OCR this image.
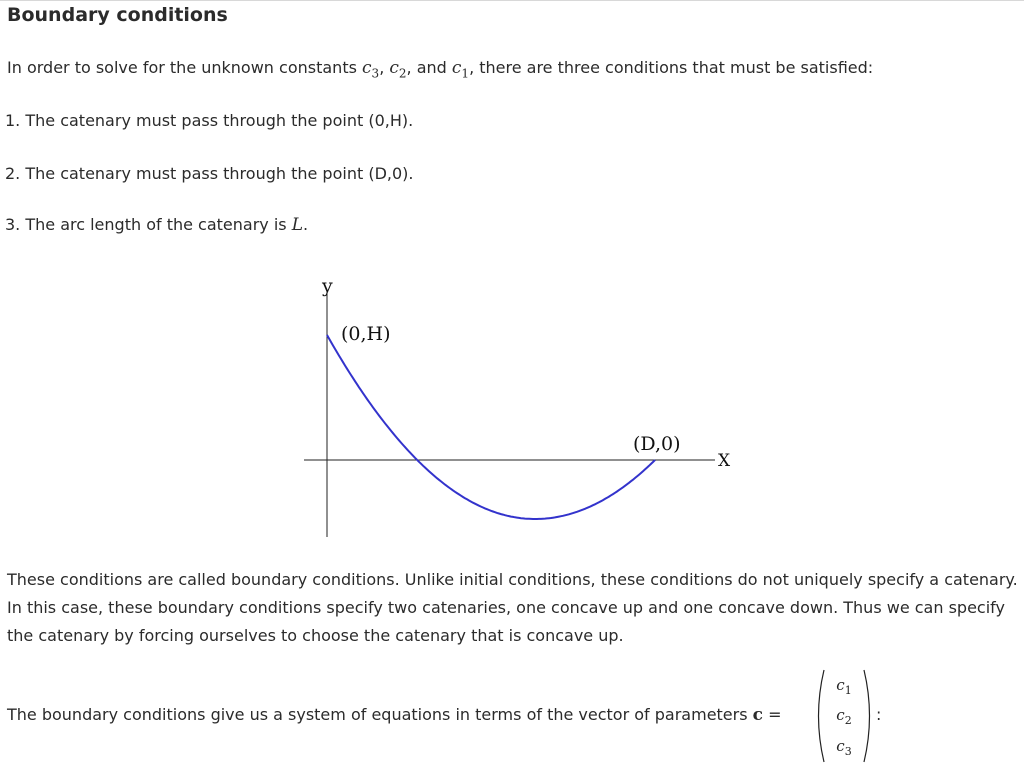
Boundary conditions

In order to solve for the unknown constants $c_3$, $c_2$, and $c_1$, there are three conditions that must be satisfied:

1. The catenary must pass through the point (0,H).

2. The catenary must pass through the point (D,0).

3. The arc length of the catenary is L.

y
X
(0,H)
(D,0)

These conditions are called boundary conditions. Unlike initial conditions, these conditions do not uniquely specify a catenary. In this case, these boundary conditions specify two catenaries, one concave up and one concave down. Thus we can specify the catenary by forcing ourselves to choose the catenary that is concave up.

The boundary conditions give us a system of equations in terms of the vector of parameters c =
$c_1$
$c_2$
$c_3$
:
